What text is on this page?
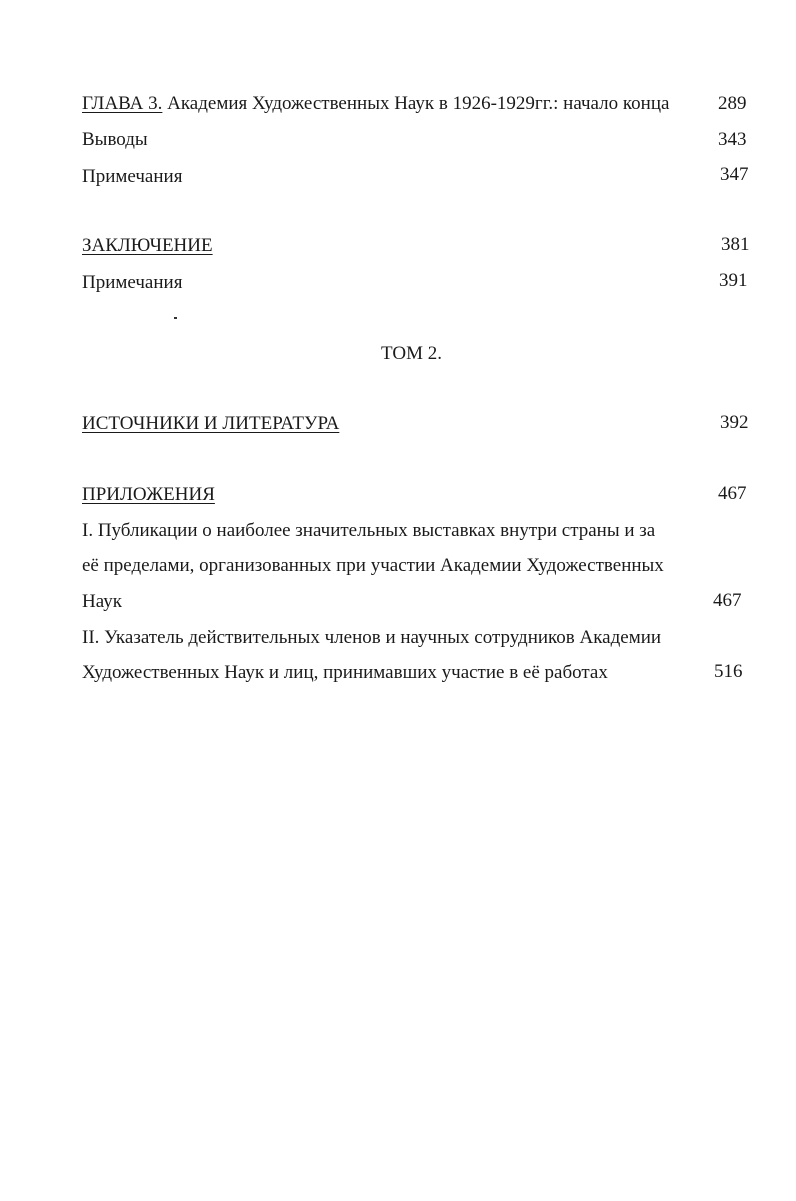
ГЛАВА 3. Академия Художественных Наук в 1926-1929гг.: начало конца	289
Выводы	343
Примечания	347
ЗАКЛЮЧЕНИЕ	381
Примечания	391
ТОМ 2.
ИСТОЧНИКИ И ЛИТЕРАТУРА	392
ПРИЛОЖЕНИЯ	467
I. Публикации о наиболее значительных выставках внутри страны и за
её пределами, организованных при участии Академии Художественных
Наук	467
II. Указатель действительных членов и научных сотрудников Академии
Художественных Наук и лиц, принимавших участие в её работах	516
